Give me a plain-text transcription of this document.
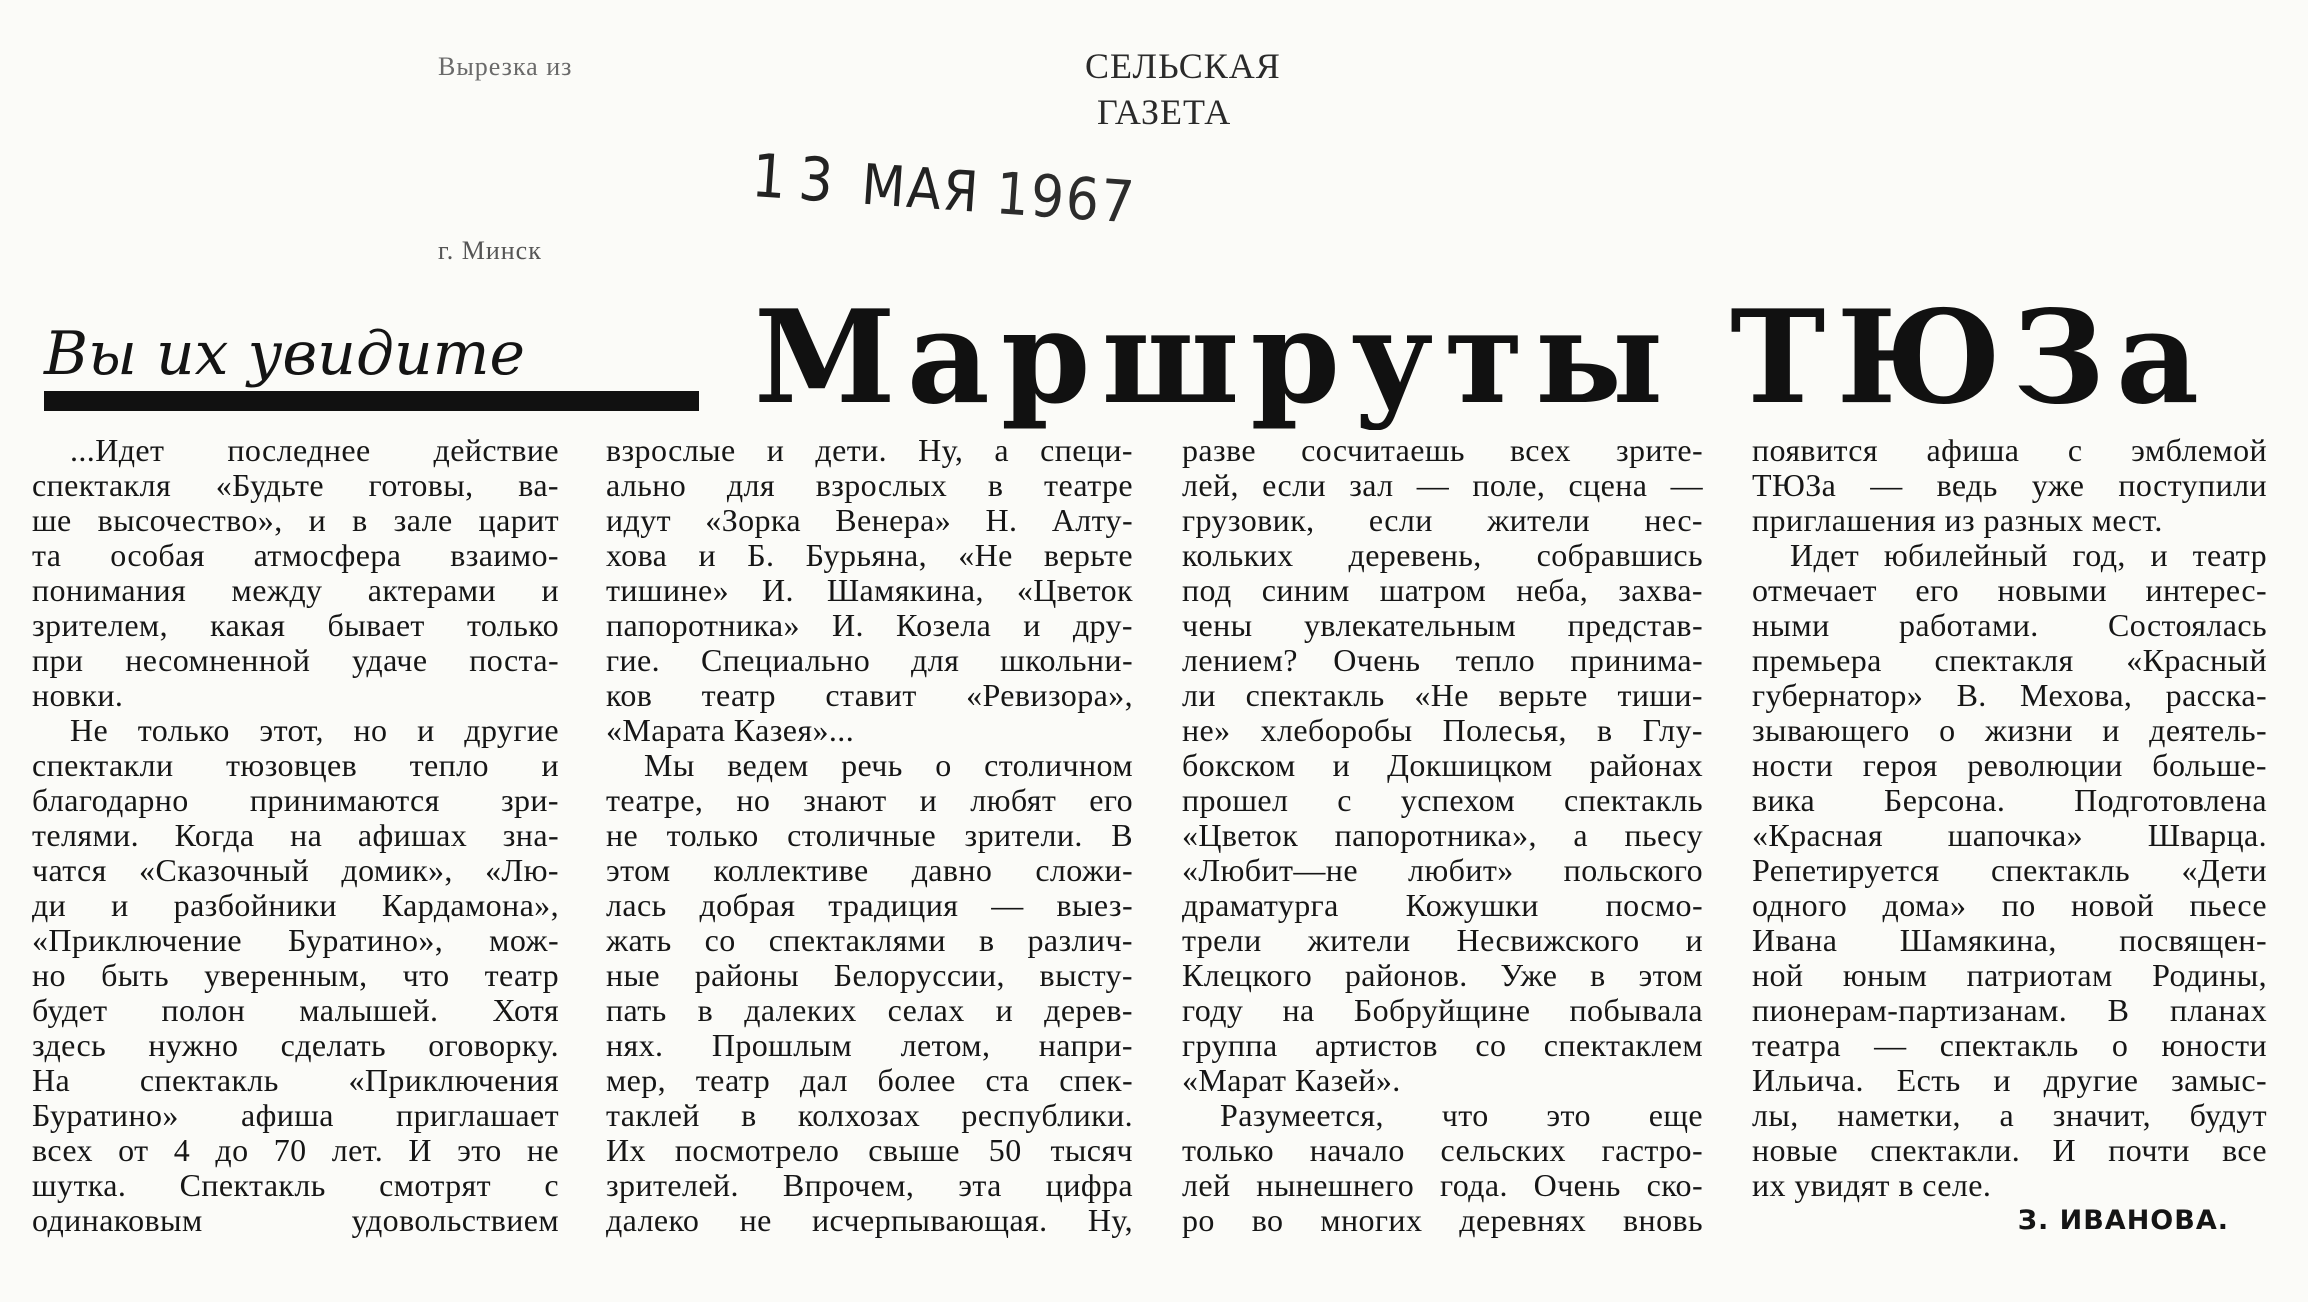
Вырезка из	СЕЛЬСКАЯ
ГАЗЕТА
13 МАЯ 1967
г. Минск
Вы их увидите Маршруты ТЮЗа
...Идет последнее действие
спектакля «Будьте готовы, ва-
ше высочество», и в зале царит
та особая атмосфера взаимо-
понимания между актерами и
зрителем, какая бывает только
при несомненной удаче поста-
новки.
Не только этот, но и другие
спектакли тюзовцев тепло и
благодарно принимаются зри-
телями. Когда на афишах зна-
чатся «Сказочный домик», «Лю-
ди и разбойники Кардамона»,
«Приключение Буратино», мож-
но быть уверенным, что театр
будет полон малышей. Хотя
здесь нужно сделать оговорку.
На спектакль «Приключения
Буратино» афиша приглашает
всех от 4 до 70 лет. И это не
шутка. Спектакль смотрят с
одинаковым удовольствием
взрослые и дети. Ну, а специ-
ально для взрослых в театре
идут «Зорка Венера» Н. Алту-
хова и Б. Бурьяна, «Не верьте
тишине» И. Шамякина, «Цветок
папоротника» И. Козела и дру-
гие. Специально для школьни-
ков театр ставит «Ревизора»,
«Марата Казея»...
Мы ведем речь о столичном
театре, но знают и любят его
не только столичные зрители. В
этом коллективе давно сложи-
лась добрая традиция — выез-
жать со спектаклями в различ-
ные районы Белоруссии, высту-
пать в далеких селах и дерев-
нях. Прошлым летом, напри-
мер, театр дал более ста спек-
таклей в колхозах республики.
Их посмотрело свыше 50 тысяч
зрителей. Впрочем, эта цифра
далеко не исчерпывающая. Ну,
разве сосчитаешь всех зрите-
лей, если зал — поле, сцена —
грузовик, если жители нес-
кольких деревень, собравшись
под синим шатром неба, захва-
чены увлекательным представ-
лением? Очень тепло принима-
ли спектакль «Не верьте тиши-
не» хлеборобы Полесья, в Глу-
бокском и Докшицком районах
прошел с успехом спектакль
«Цветок папоротника», а пьесу
«Любит—не любит» польского
драматурга Кожушки посмо-
трели жители Несвижского и
Клецкого районов. Уже в этом
году на Бобруйщине побывала
группа артистов со спектаклем
«Марат Казей».
Разумеется, что это еще
только начало сельских гастро-
лей нынешнего года. Очень ско-
ро во многих деревнях вновь
появится афиша с эмблемой
ТЮЗа — ведь уже поступили
приглашения из разных мест.
Идет юбилейный год, и театр
отмечает его новыми интерес-
ными работами. Состоялась
премьера спектакля «Красный
губернатор» В. Мехова, расска-
зывающего о жизни и деятель-
ности героя революции больше-
вика Берсона. Подготовлена
«Красная шапочка» Шварца.
Репетируется спектакль «Дети
одного дома» по новой пьесе
Ивана Шамякина, посвящен-
ной юным патриотам Родины,
пионерам-партизанам. В планах
театра — спектакль о юности
Ильича. Есть и другие замыс-
лы, наметки, а значит, будут
новые спектакли. И почти все
их увидят в селе.
З. ИВАНОВА.
